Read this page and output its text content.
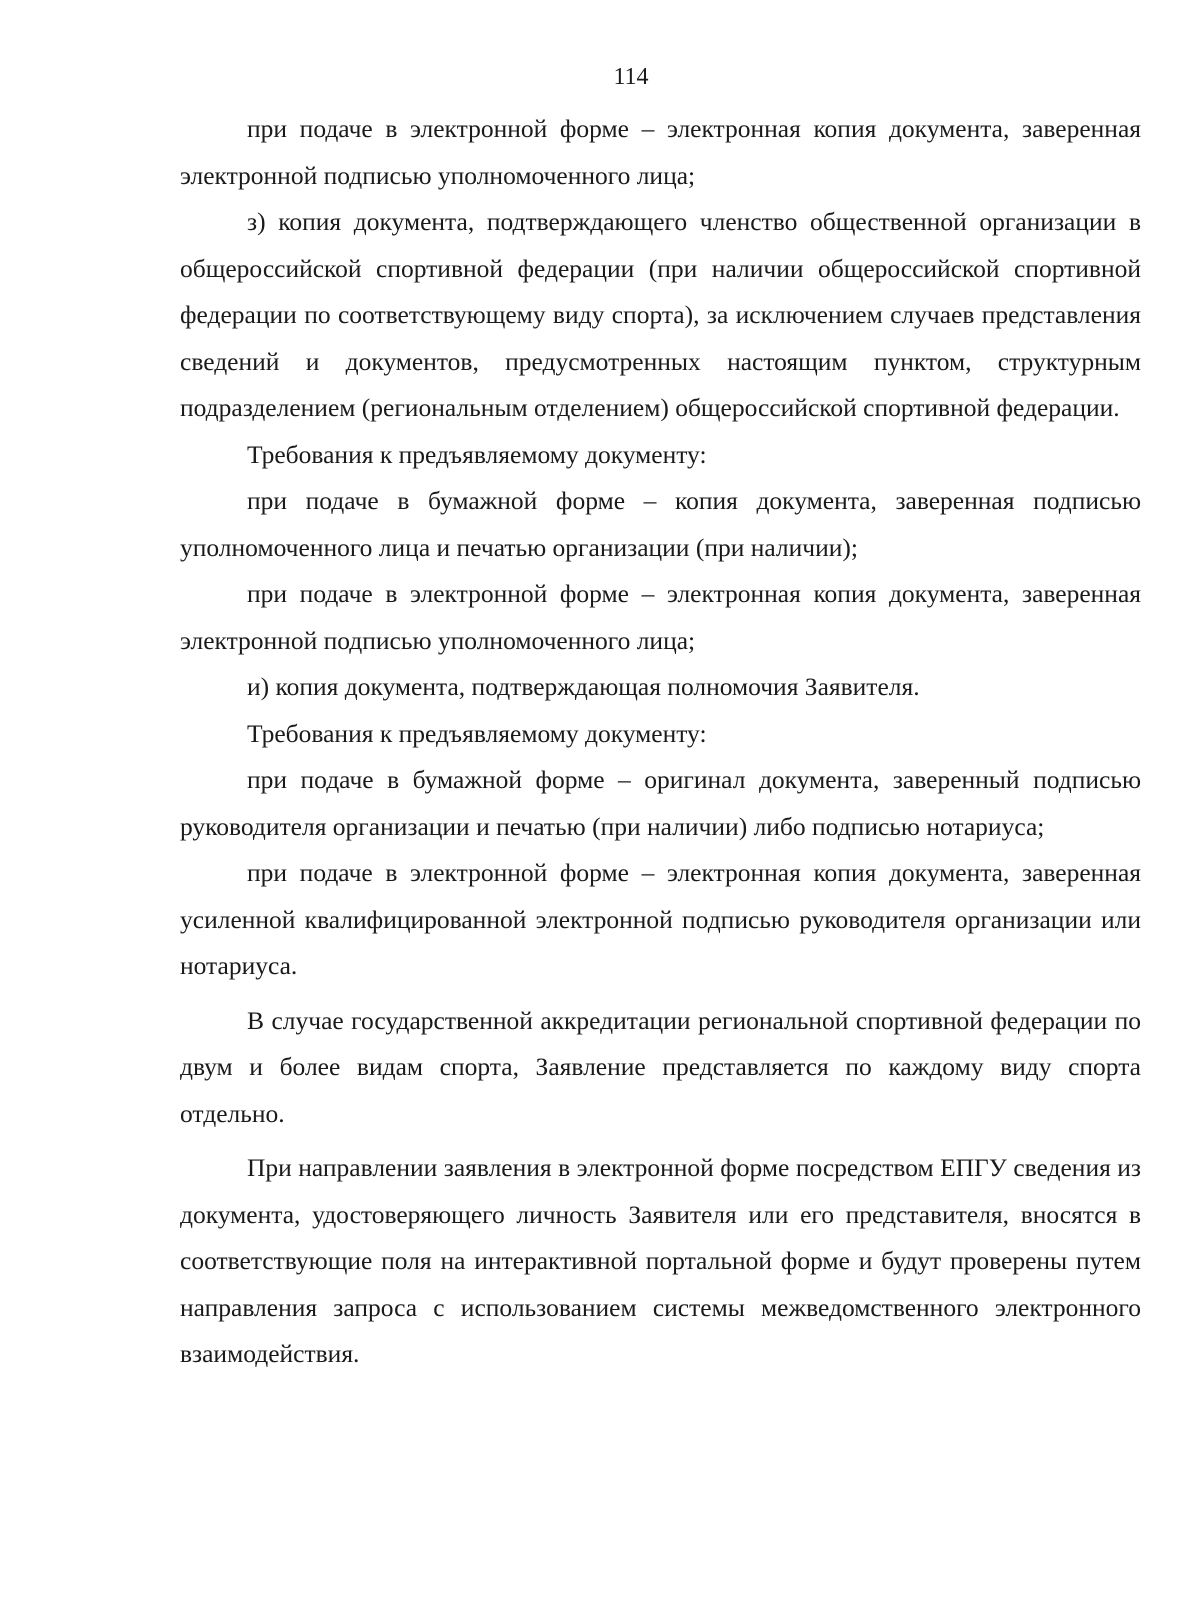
114

при подаче в электронной форме – электронная копия документа, заверенная электронной подписью уполномоченного лица;

з) копия документа, подтверждающего членство общественной организации в общероссийской спортивной федерации (при наличии общероссийской спортивной федерации по соответствующему виду спорта), за исключением случаев представления сведений и документов, предусмотренных настоящим пунктом, структурным подразделением (региональным отделением) общероссийской спортивной федерации.

Требования к предъявляемому документу:

при подаче в бумажной форме – копия документа, заверенная подписью уполномоченного лица и печатью организации (при наличии);

при подаче в электронной форме – электронная копия документа, заверенная электронной подписью уполномоченного лица;

и) копия документа, подтверждающая полномочия Заявителя.

Требования к предъявляемому документу:

при подаче в бумажной форме – оригинал документа, заверенный подписью руководителя организации и печатью (при наличии) либо подписью нотариуса;

при подаче в электронной форме – электронная копия документа, заверенная усиленной квалифицированной электронной подписью руководителя организации или нотариуса.

В случае государственной аккредитации региональной спортивной федерации по двум и более видам спорта, Заявление представляется по каждому виду спорта отдельно.

При направлении заявления в электронной форме посредством ЕПГУ сведения из документа, удостоверяющего личность Заявителя или его представителя, вносятся в соответствующие поля на интерактивной портальной форме и будут проверены путем направления запроса с использованием системы межведомственного электронного взаимодействия.
